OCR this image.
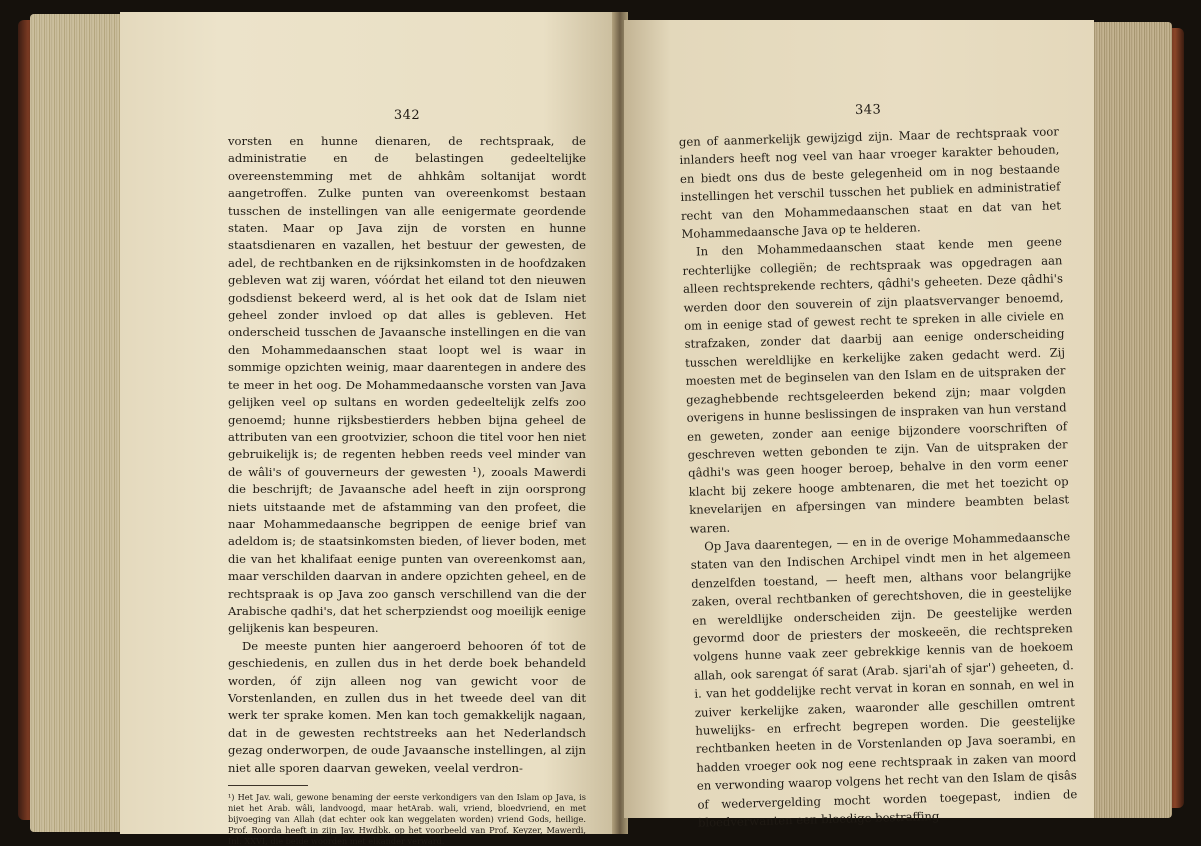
342

vorsten en hunne dienaren, de rechtspraak, de administratie en de belastingen gedeeltelijke overeenstemming met de ahhkâm soltanijat wordt aangetroffen. Zulke punten van overeenkomst bestaan tusschen de instellingen van alle eenigermate geordende staten. Maar op Java zijn de vorsten en hunne staatsdienaren en vazallen, het bestuur der gewesten, de adel, de rechtbanken en de rijksinkomsten in de hoofdzaken gebleven wat zij waren, vóórdat het eiland tot den nieuwen godsdienst bekeerd werd, al is het ook dat de Islam niet geheel zonder invloed op dat alles is gebleven. Het onderscheid tusschen de Javaansche instellingen en die van den Mohammedaanschen staat loopt wel is waar in sommige opzichten weinig, maar daarentegen in andere des te meer in het oog. De Mohammedaansche vorsten van Java gelijken veel op sultans en worden gedeeltelijk zelfs zoo genoemd; hunne rijksbestierders hebben bijna geheel de attributen van een grootvizier, schoon die titel voor hen niet gebruikelijk is; de regenten hebben reeds veel minder van de wâli's of gouverneurs der gewesten ¹), zooals Mawerdi die beschrijft; de Javaansche adel heeft in zijn oorsprong niets uitstaande met de afstamming van den profeet, die naar Mohammedaansche begrippen de eenige brief van adeldom is; de staatsinkomsten bieden, of liever boden, met die van het khalifaat eenige punten van overeenkomst aan, maar verschilden daarvan in andere opzichten geheel, en de rechtspraak is op Java zoo gansch verschillend van die der Arabische qadhi's, dat het scherpziendst oog moeilijk eenige gelijkenis kan bespeuren.

De meeste punten hier aangeroerd behooren óf tot de geschiedenis, en zullen dus in het derde boek behandeld worden, óf zijn alleen nog van gewicht voor de Vorstenlanden, en zullen dus in het tweede deel van dit werk ter sprake komen. Men kan toch gemakkelijk nagaan, dat in de gewesten rechtstreeks aan het Nederlandsch gezag onderworpen, de oude Javaansche instellingen, al zijn niet alle sporen daarvan geweken, veelal verdron-

¹) Het Jav. wali, gewone benaming der eerste verkondigers van den Islam op Java, is niet het Arab. wâli, landvoogd, maar hetArab. wali, vriend, bloedvriend, en met bijvoeging van Allah (dat echter ook kan weggelaten worden) vriend Gods, heilige. Prof. Roorda heeft in zijn Jav. Hwdbk. op het voorbeeld van Prof. Keyzer, Mawerdi, Inl. XXVI, die beide woorden met elkander verward.

343

gen of aanmerkelijk gewijzigd zijn. Maar de rechtspraak voor inlanders heeft nog veel van haar vroeger karakter behouden, en biedt ons dus de beste gelegenheid om in nog bestaande instellingen het verschil tusschen het publiek en administratief recht van den Mohammedaanschen staat en dat van het Mohammedaansche Java op te helderen.

In den Mohammedaanschen staat kende men geene rechterlijke collegiën; de rechtspraak was opgedragen aan alleen rechtsprekende rechters, qâdhi's geheeten. Deze qâdhi's werden door den souverein of zijn plaatsvervanger benoemd, om in eenige stad of gewest recht te spreken in alle civiele en strafzaken, zonder dat daarbij aan eenige onderscheiding tusschen wereldlijke en kerkelijke zaken gedacht werd. Zij moesten met de beginselen van den Islam en de uitspraken der gezaghebbende rechtsgeleerden bekend zijn; maar volgden overigens in hunne beslissingen de inspraken van hun verstand en geweten, zonder aan eenige bijzondere voorschriften of geschreven wetten gebonden te zijn. Van de uitspraken der qâdhi's was geen hooger beroep, behalve in den vorm eener klacht bij zekere hooge ambtenaren, die met het toezicht op knevelarijen en afpersingen van mindere beambten belast waren.

Op Java daarentegen, — en in de overige Mohammedaansche staten van den Indischen Archipel vindt men in het algemeen denzelfden toestand, — heeft men, althans voor belangrijke zaken, overal rechtbanken of gerechtshoven, die in geestelijke en wereldlijke onderscheiden zijn. De geestelijke werden gevormd door de priesters der moskeeën, die rechtspreken volgens hunne vaak zeer gebrekkige kennis van de hoekoem allah, ook sarengat óf sarat (Arab. sjari'ah of sjar') geheeten, d. i. van het goddelijke recht vervat in koran en sonnah, en wel in zuiver kerkelijke zaken, waaronder alle geschillen omtrent huwelijks- en erfrecht begrepen worden. Die geestelijke rechtbanken heeten in de Vorstenlanden op Java soerambi, en hadden vroeger ook nog eene rechtspraak in zaken van moord en verwonding waarop volgens het recht van den Islam de qisâs of wedervergelding mocht worden toegepast, indien de bloedverwanten een bloedige bestraffing
